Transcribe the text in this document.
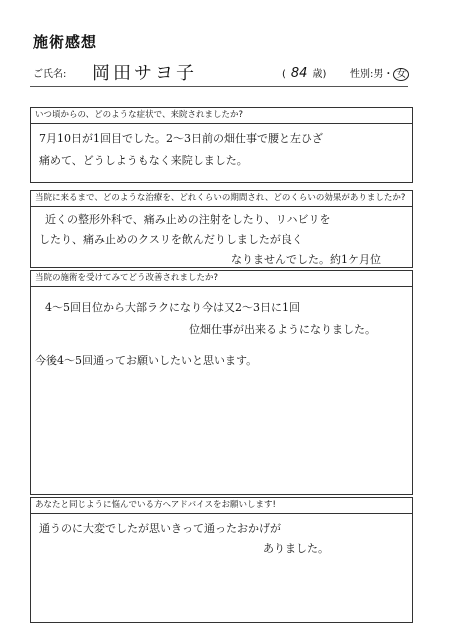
施術感想
ご氏名: 岡田サヨ子	( 84 歳) 性別:男・ 女
いつ頃からの、どのような症状で、来院されましたか?
7月10日が1回目でした。2〜3日前の畑仕事で腰と左ひざ
痛めて、どうしようもなく来院しました。
当院に来るまで、どのような治療を、どれくらいの期間され、どのくらいの効果がありましたか?
近くの整形外科で、痛み止めの注射をしたり、リハビリを
したり、痛み止めのクスリを飲んだりしましたが良く
なりませんでした。約1ケ月位
当院の施術を受けてみてどう改善されましたか?
4〜5回目位から大部ラクになり今は又2〜3日に1回
位畑仕事が出来るようになりました。
今後4〜5回通ってお願いしたいと思います。
あなたと同じように悩んでいる方へアドバイスをお願いします!
通うのに大変でしたが思いきって通ったおかげが
ありました。
